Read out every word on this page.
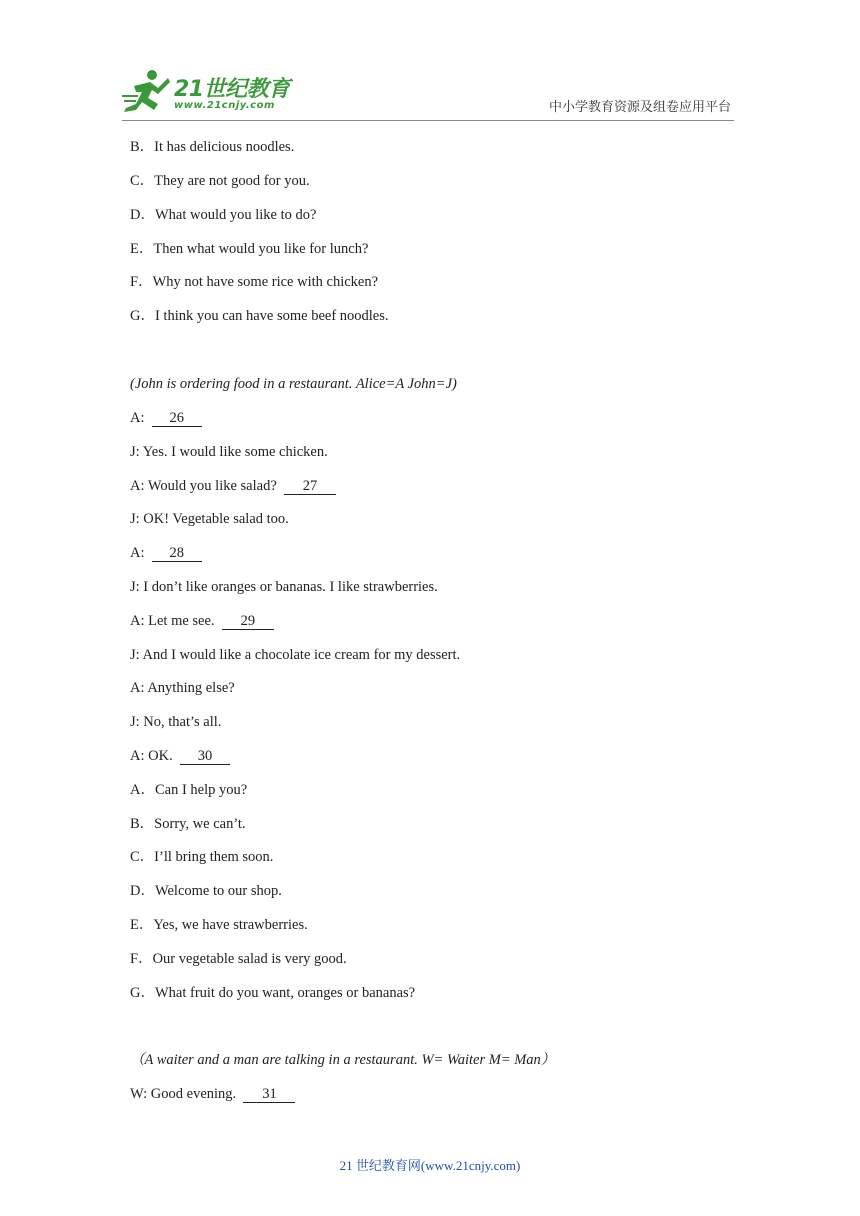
21世纪教育
www.21cnjy.com	中小学教育资源及组卷应用平台
B．It has delicious noodles.
C．They are not good for you.
D．What would you like to do?
E．Then what would you like for lunch?
F．Why not have some rice with chicken?
G．I think you can have some beef noodles.
(John is ordering food in a restaurant. Alice=A John=J)
A:  26
J: Yes. I would like some chicken.
A: Would you like salad?  27
J: OK! Vegetable salad too.
A:  28
J: I don’t like oranges or bananas. I like strawberries.
A: Let me see.  29
J: And I would like a chocolate ice cream for my dessert.
A: Anything else?
J: No, that’s all.
A: OK.  30
A．Can I help you?
B．Sorry, we can’t.
C．I’ll bring them soon.
D．Welcome to our shop.
E．Yes, we have strawberries.
F．Our vegetable salad is very good.
G．What fruit do you want, oranges or bananas?
（A waiter and a man are talking in a restaurant. W= Waiter M= Man）
W: Good evening.  31
21 世纪教育网(www.21cnjy.com)
